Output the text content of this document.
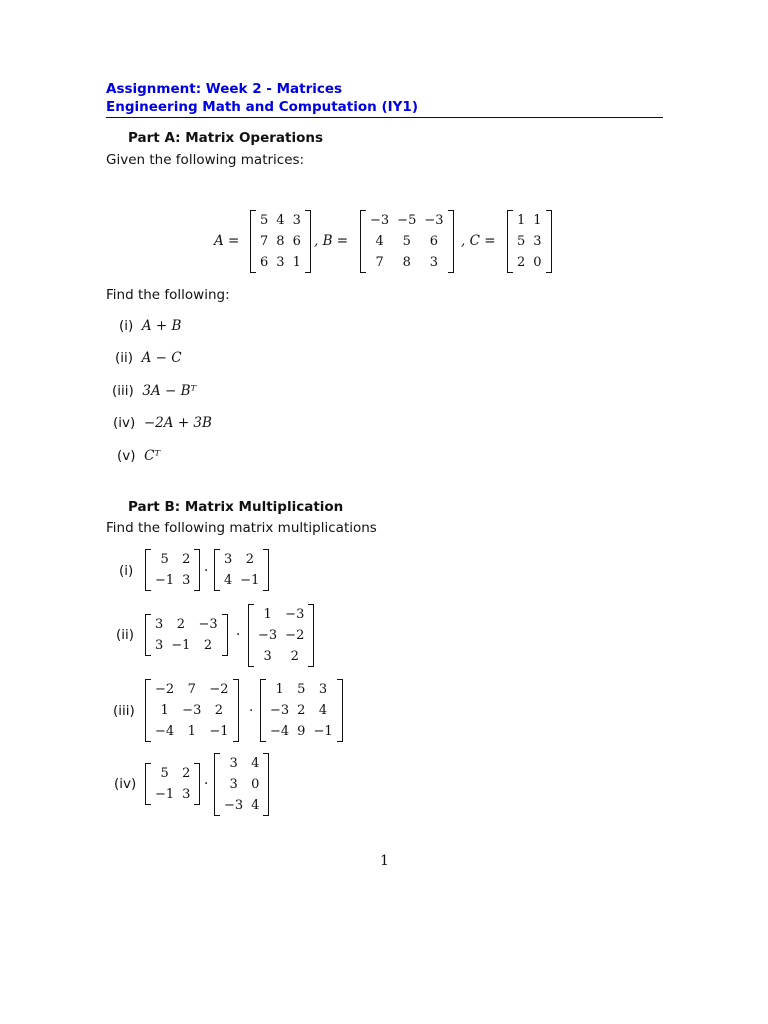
Assignment: Week 2 - Matrices
Engineering Math and Computation (IY1)
Part A: Matrix Operations
Given the following matrices:
A =
5	4	3
7	8	6
6	3	1
, B =
−3	−5	−3
4	5	6
7	8	3
, C =
1	1
5	3
2	0
Find the following:
(i) A + B
(ii) A − C
(iii) 3A − Bᵀ
(iv) −2A + 3B
(v) Cᵀ
Part B: Matrix Multiplication
Find the following matrix multiplications
(i)
5	2
−1	3
·
3	2
4	−1
(ii)
3	2	−3
3	−1	2
·
1	−3
−3	−2
3	2
(iii)
−2	7	−2
1	−3	2
−4	1	−1
·
1	5	3
−3	2	4
−4	9	−1
(iv)
5	2
−1	3
·
3	4
3	0
−3	4
1
